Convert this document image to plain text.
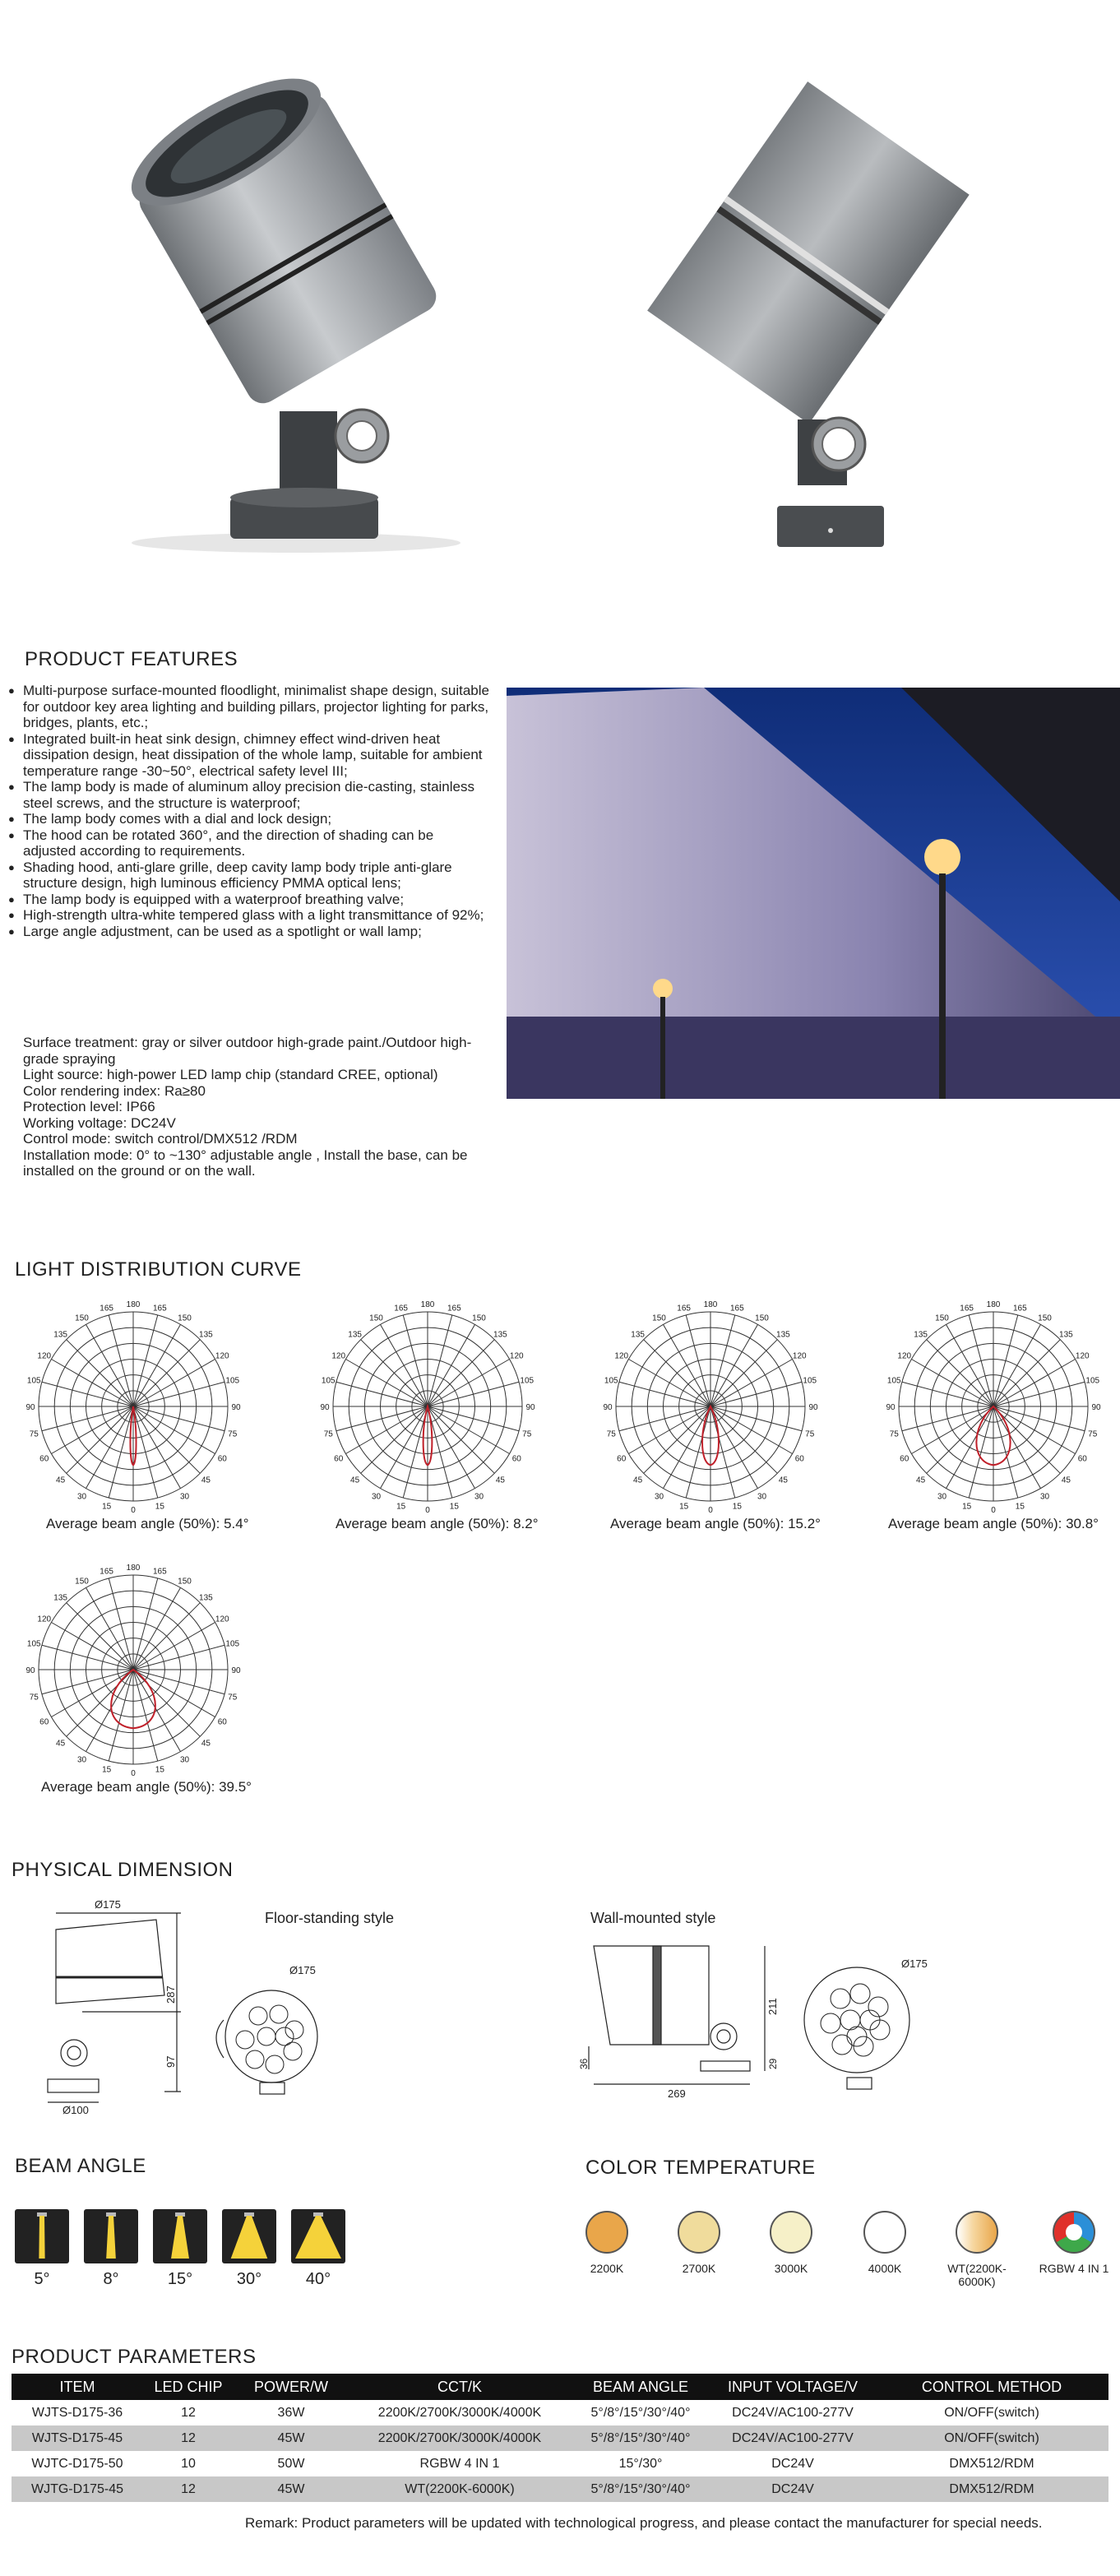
PRODUCT FEATURES
● Multi-purpose surface-mounted floodlight, minimalist shape design, suitable for outdoor key area lighting and building pillars, projector lighting for parks, bridges, plants, etc.;
● Integrated built-in heat sink design, chimney effect wind-driven heat dissipation design, heat dissipation of the whole lamp, suitable for ambient temperature range -30~50°, electrical safety level III;
● The lamp body is made of aluminum alloy precision die-casting, stainless steel screws, and the structure is waterproof;
● The lamp body comes with a dial and lock design;
● The hood can be rotated 360°, and the direction of shading can be adjusted according to requirements.
● Shading hood, anti-glare grille, deep cavity lamp body triple anti-glare structure design, high luminous efficiency PMMA optical lens;
● The lamp body is equipped with a waterproof breathing valve;
● High-strength ultra-white tempered glass with a light transmittance of 92%;
● Large angle adjustment, can be used as a spotlight or wall lamp;
Surface treatment: gray or silver outdoor high-grade paint./Outdoor high-grade spraying
Light source: high-power LED lamp chip (standard CREE, optional)
Color rendering index: Ra≥80
Protection level: IP66
Working voltage: DC24V
Control mode: switch control/DMX512 /RDM
Installation mode: 0° to ~130° adjustable angle , Install the base, can be installed on the ground or on the wall.
LIGHT DISTRIBUTION CURVE
180 165
165
150
150
135
135
120
120
105
105
90
90
75
75
60
60
45
45
30
30
15
15 0
180 165
165
150
150
135
135
120
120
105
105
90
90
75
75
60
60
45
45
30
30
15
15 0
180 165
165
150
150
135
135
120
120
105
105
90
90
75
75
60
60
45
45
30
30
15
15 0
180 165
165
150
150
135
135
120
120
105
105
90
90
75
75
60
60
45
45
30
30
15
15 0
180 165
165
150
150
135
135
120
120
105
105
90
90
75
75
60
60
45
45
30
30
15
15 0
Average beam angle (50%): 5.4°	Average beam angle (50%): 8.2°	Average beam angle (50%): 15.2°	Average beam angle (50%): 30.8°
Average beam angle (50%): 39.5°
PHYSICAL DIMENSION
Floor-standing style	Wall-mounted style
Ø175
Ø175
287
97
Ø100
Ø175
211
269
36	29
BEAM ANGLE
5°	8°	15°	30°	40°
COLOR TEMPERATURE
2200K	2700K	3000K	4000K	WT(2200K-6000K)
RGBW 4 IN 1
PRODUCT PARAMETERS
ITEM	LED CHIP	POWER/W	CCT/K	BEAM ANGLE	INPUT VOLTAGE/V	CONTROL METHOD
WJTS-D175-36	12	36W	2200K/2700K/3000K/4000K	5°/8°/15°/30°/40°	DC24V/AC100-277V	ON/OFF(switch)
WJTS-D175-45	12	45W	2200K/2700K/3000K/4000K	5°/8°/15°/30°/40°	DC24V/AC100-277V	ON/OFF(switch)
WJTC-D175-50	10	50W	RGBW 4 IN 1	15°/30°	DC24V	DMX512/RDM
WJTG-D175-45	12	45W	WT(2200K-6000K)	5°/8°/15°/30°/40°	DC24V	DMX512/RDM
Remark: Product parameters will be updated with technological progress, and please contact the manufacturer for special needs.
